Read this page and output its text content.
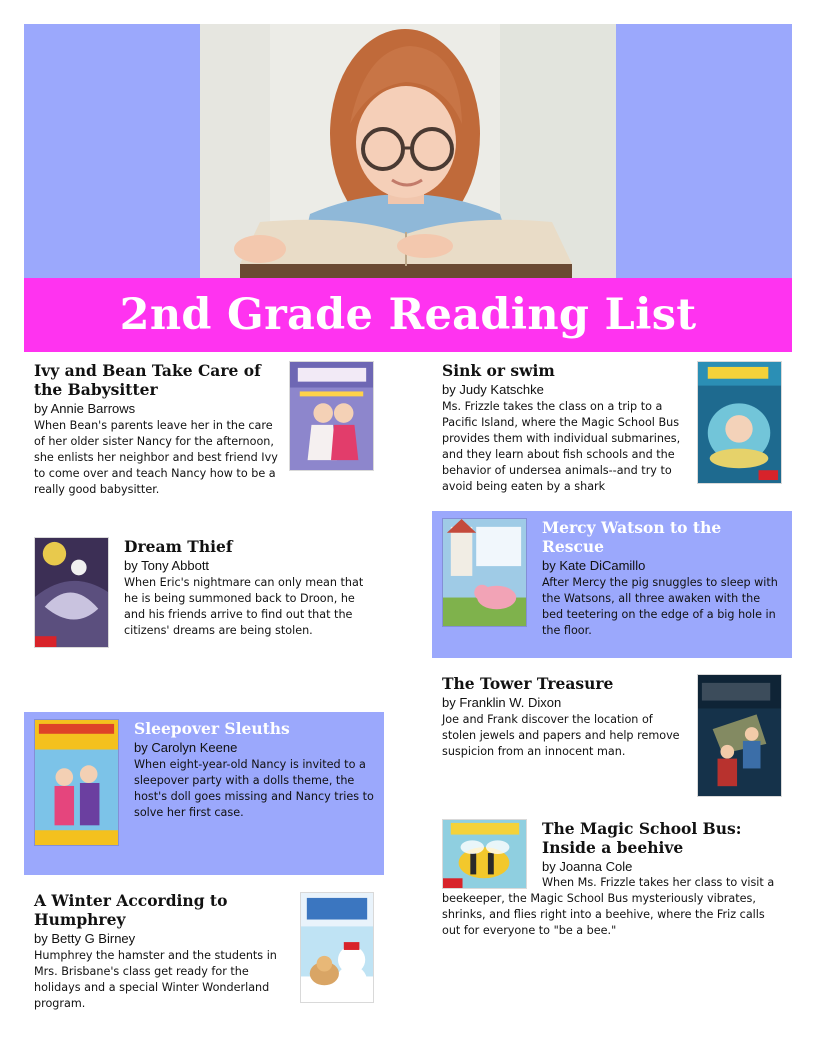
2nd Grade Reading List
Ivy and Bean Take Care of the Babysitter
by Annie Barrows
When Bean's parents leave her in the care of her older sister Nancy for the afternoon, she enlists her neighbor and best friend Ivy to come over and teach Nancy how to be a really good babysitter.
Sink or swim
by Judy Katschke
Ms. Frizzle takes the class on a trip to a Pacific Island, where the Magic School Bus provides them with individual submarines, and they learn about fish schools and the behavior of undersea animals--and try to avoid being eaten by a shark
Dream Thief
by Tony Abbott
When Eric's nightmare can only mean that he is being summoned back to Droon, he and his friends arrive to find out that the citizens' dreams are being stolen.
Mercy Watson to the Rescue
by Kate DiCamillo
After Mercy the pig snuggles to sleep with the Watsons, all three awaken with the bed teetering on the edge of a big hole in the floor.
The Tower Treasure
by Franklin W. Dixon
Joe and Frank discover the location of stolen jewels and papers and help remove suspicion from an innocent man.
Sleepover Sleuths
by Carolyn Keene
When eight-year-old Nancy is invited to a sleepover party with a dolls theme, the host's doll goes missing and Nancy tries to solve her first case.
The Magic School Bus: Inside a beehive
by Joanna Cole
When Ms. Frizzle takes her class to visit a beekeeper, the Magic School Bus mysteriously vibrates, shrinks, and flies right into a beehive, where the Friz calls out for everyone to "be a bee."
A Winter According to Humphrey
by Betty G Birney
Humphrey the hamster and the students in Mrs. Brisbane's class get ready for the holidays and a special Winter Wonderland program.
